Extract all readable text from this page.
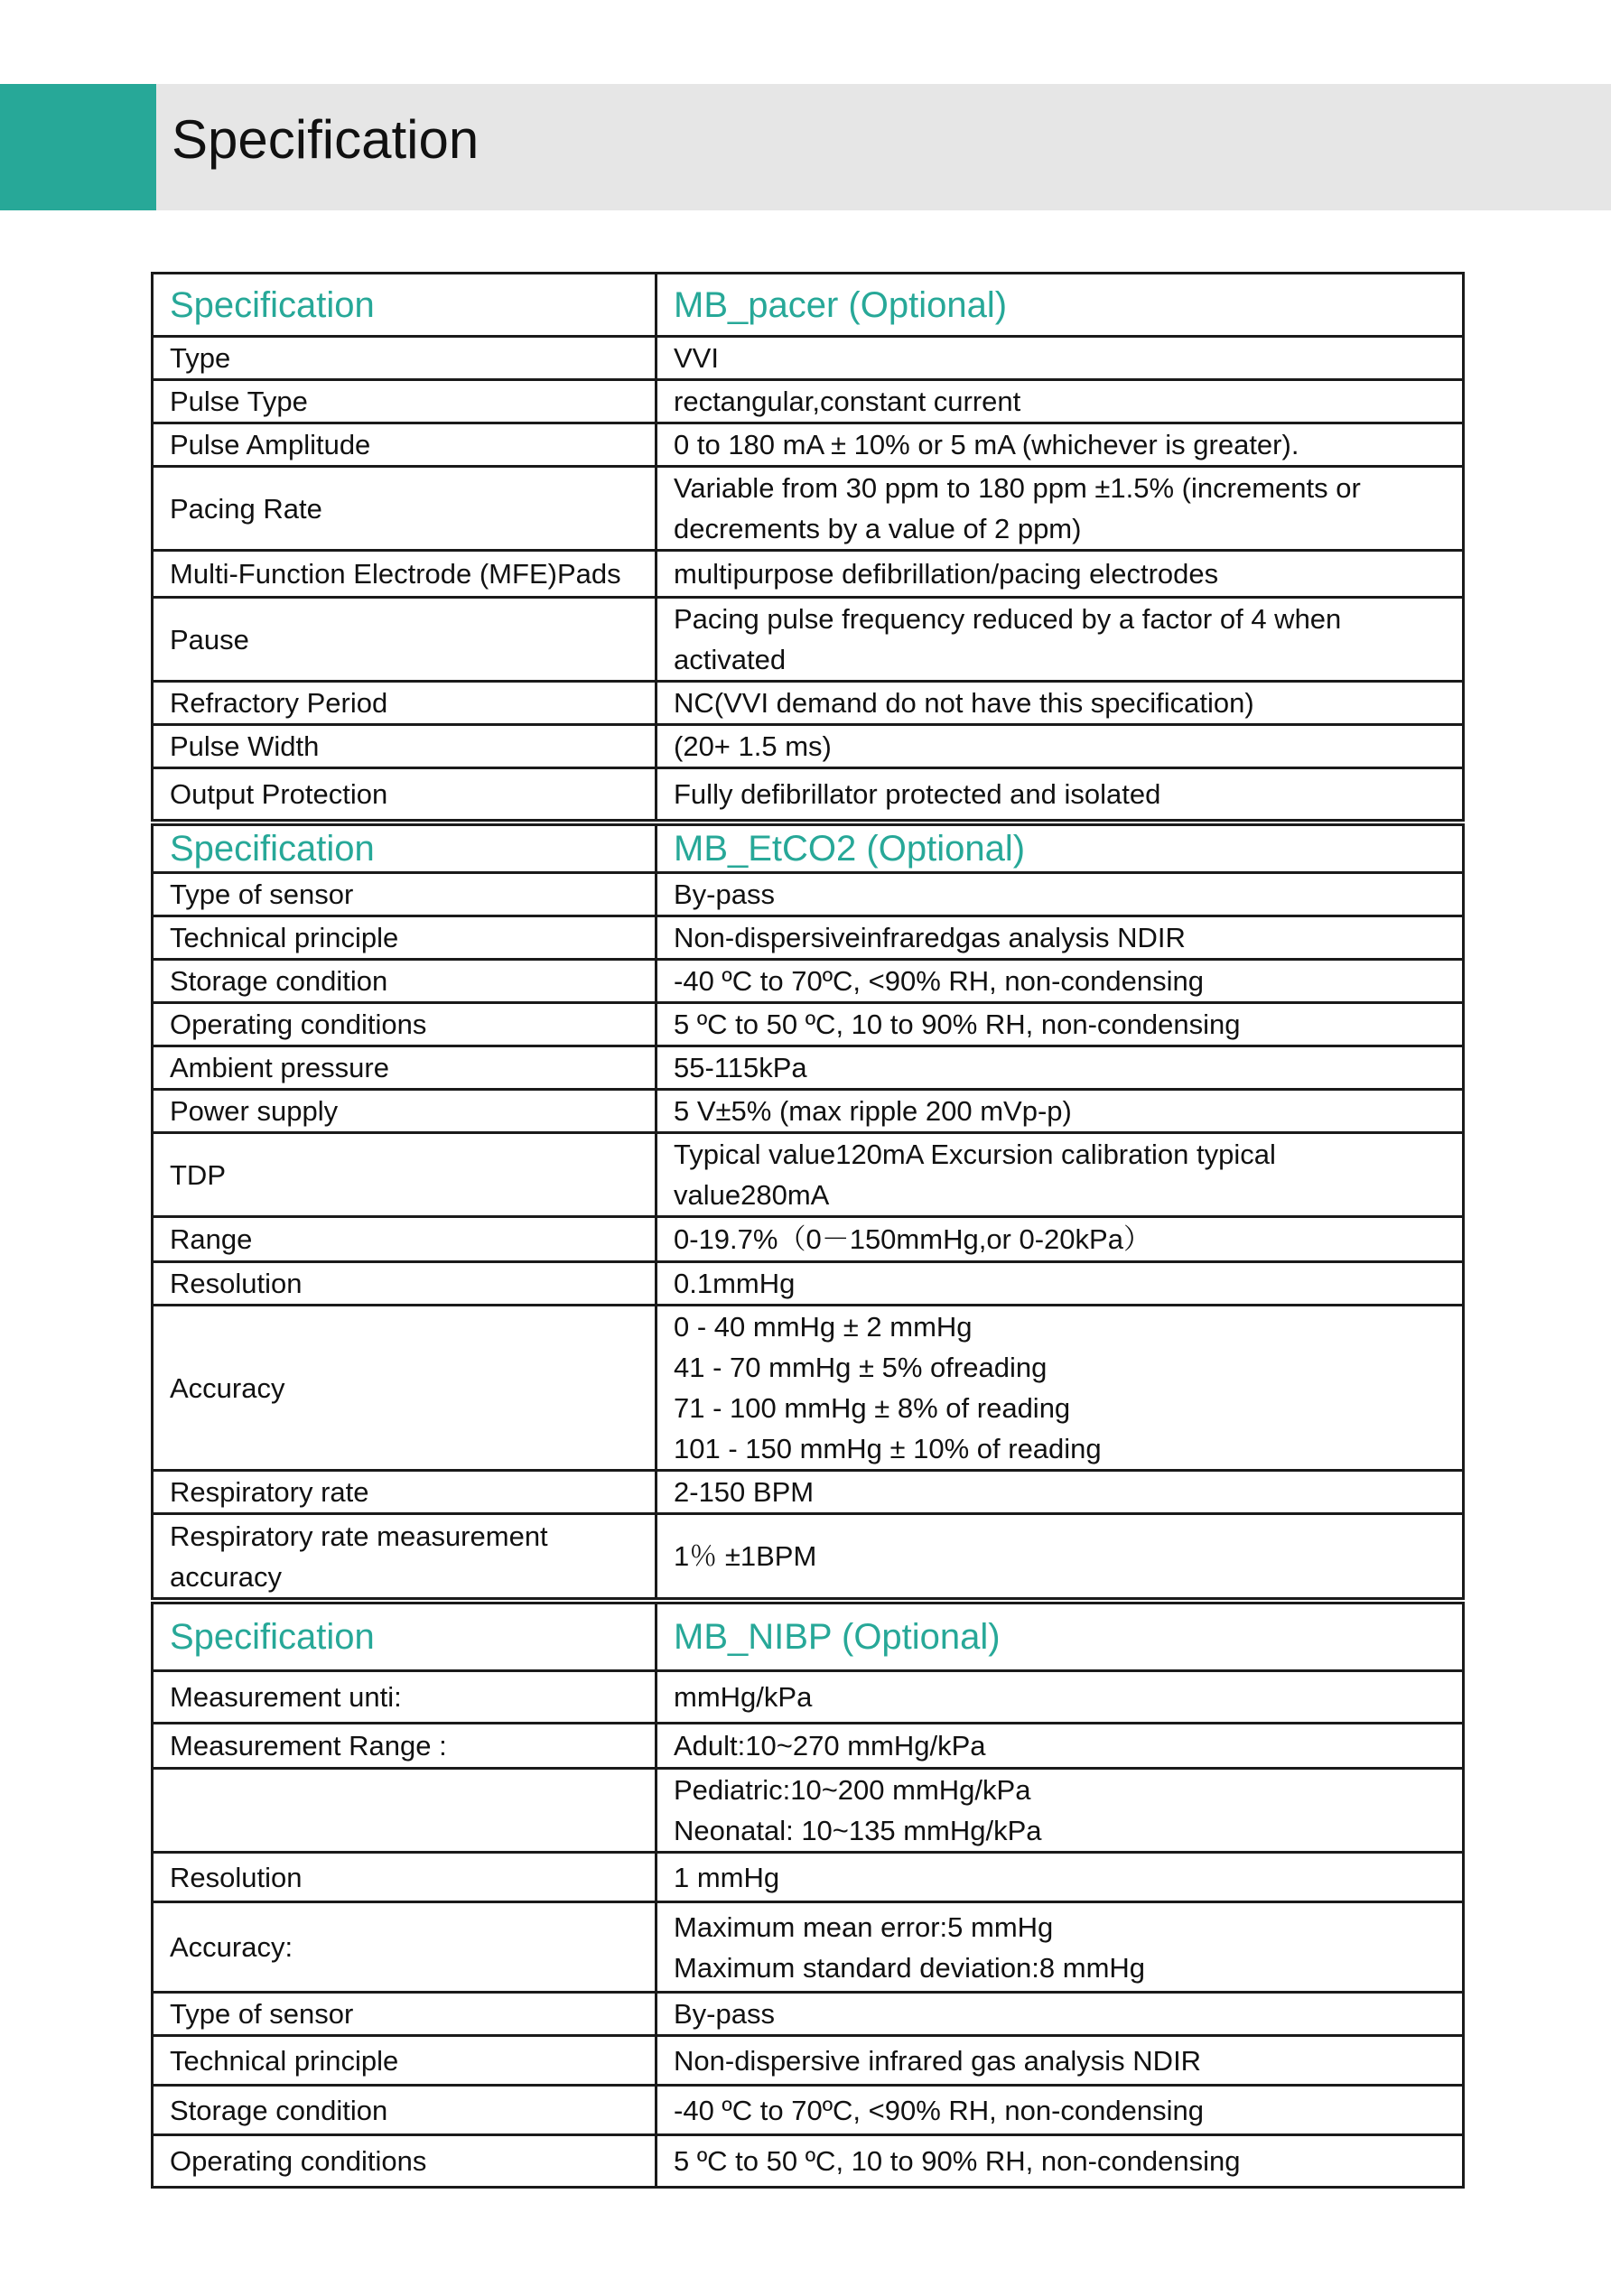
Specification
Specification	MB_pacer (Optional)
Type	VVI

Pulse Type	rectangular,constant current

Pulse Amplitude	0 to 180 mA ± 10% or 5 mA (whichever is greater).

Pacing Rate	Variable from 30 ppm to 180 ppm ±1.5% (increments or
decrements by a value of 2 ppm)

Multi-Function Electrode (MFE)Pads	multipurpose defibrillation/pacing electrodes

Pause	Pacing pulse frequency reduced by a factor of 4 when
activated

Refractory Period	NC(VVI demand do not have this specification)

Pulse Width	(20+ 1.5 ms)

Output Protection	Fully defibrillator protected and isolated
Specification	MB_EtCO2 (Optional)
Type of sensor	By-pass

Technical principle	Non-dispersiveinfraredgas analysis NDIR

Storage condition	-40 ºC to 70ºC, <90% RH, non-condensing

Operating conditions	5 ºC to 50 ºC, 10 to 90% RH, non-condensing

Ambient pressure	55-115kPa

Power supply	5 V±5% (max ripple 200 mVp-p)

TDP	Typical value120mA Excursion calibration typical
value280mA

Range	0-19.7%（0－150mmHg,or 0-20kPa）

Resolution	0.1mmHg

Accuracy	0 - 40 mmHg ± 2 mmHg
41 - 70 mmHg ± 5% ofreading
71 - 100 mmHg ± 8% of reading
101 - 150 mmHg ± 10% of reading

Respiratory rate	2-150 BPM

Respiratory rate measurement accuracy	1％ ±1BPM
Specification	MB_NIBP (Optional)
Measurement unti:	mmHg/kPa

Measurement Range :	Adult:10~270 mmHg/kPa

	Pediatric:10~200 mmHg/kPa
Neonatal: 10~135 mmHg/kPa

Resolution	1 mmHg

Accuracy:	Maximum mean error:5 mmHg
Maximum standard deviation:8 mmHg

Type of sensor	By-pass

Technical principle	Non-dispersive infrared gas analysis NDIR

Storage condition	-40 ºC to 70ºC, <90% RH, non-condensing

Operating conditions	5 ºC to 50 ºC, 10 to 90% RH, non-condensing
